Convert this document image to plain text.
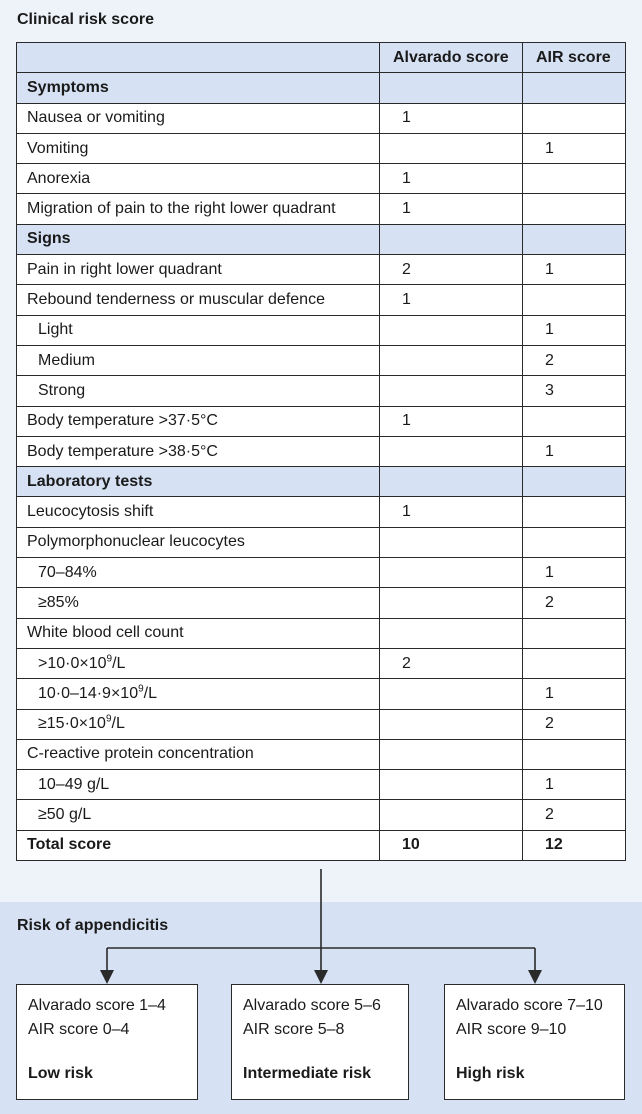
Clinical risk score
	Alvarado score	AIR score
Symptoms		
Nausea or vomiting	1	
Vomiting		1
Anorexia	1	
Migration of pain to the right lower quadrant	1	
Signs		
Pain in right lower quadrant	2	1
Rebound tenderness or muscular defence	1	
Light		1
Medium		2
Strong		3
Body temperature >37·5°C	1	
Body temperature >38·5°C		1
Laboratory tests		
Leucocytosis shift	1	
Polymorphonuclear leucocytes		
70–84%		1
≥85%		2
White blood cell count		
$>10\cdot 0\times 10^9/L$	2	
$10\cdot 0-14\cdot 9\times 10^9/L$		1
$\ge 15\cdot 0\times 10^9/L$		2
C-reactive protein concentration		
10–49 g/L		1
≥50 g/L		2
Total score	10	12
Risk of appendicitis
Alvarado score 1–4
AIR score 0–4
Low risk
Alvarado score 5–6
AIR score 5–8
Intermediate risk
Alvarado score 7–10
AIR score 9–10
High risk
